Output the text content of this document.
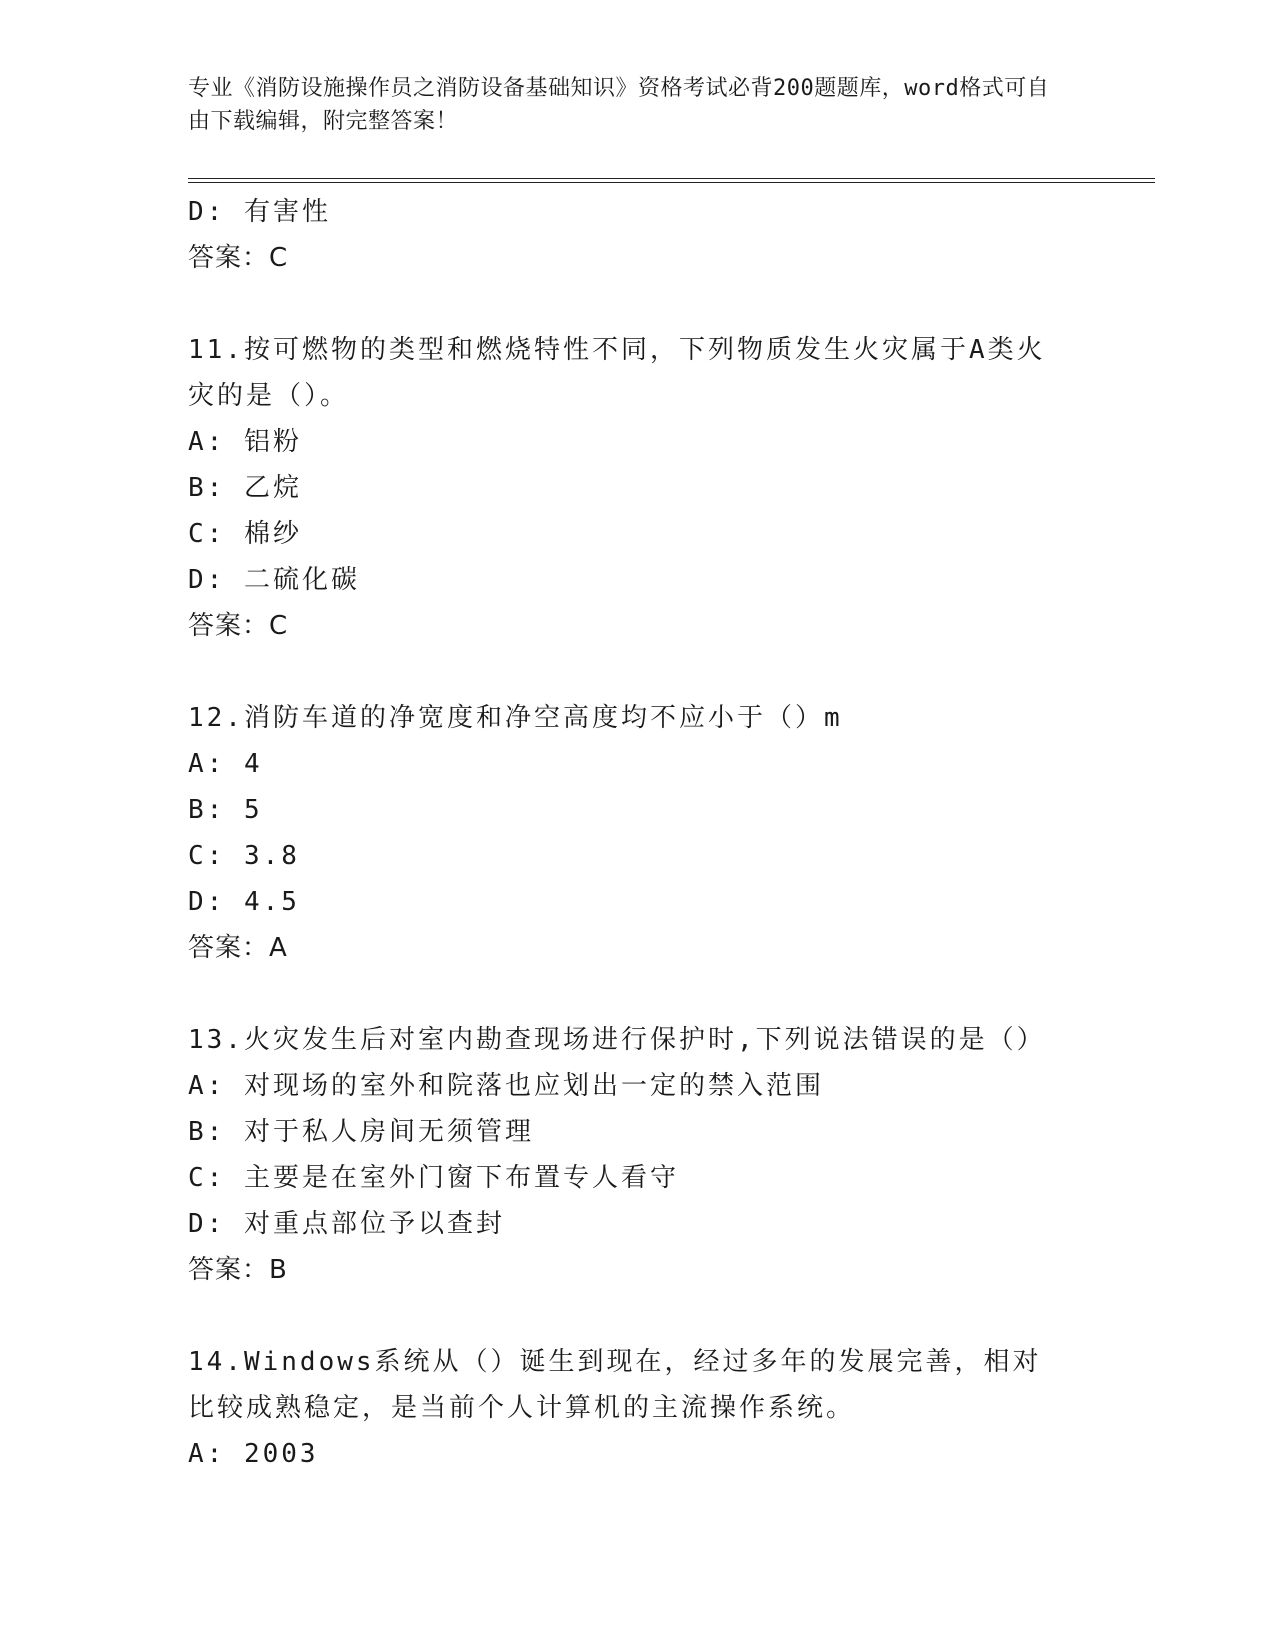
专业《消防设施操作员之消防设备基础知识》资格考试必背200题题库，word格式可自由下载编辑，附完整答案！
D: 有害性
答案：C
11.按可燃物的类型和燃烧特性不同，下列物质发生火灾属于A类火灾的是（）。
A: 铝粉
B: 乙烷
C: 棉纱
D: 二硫化碳
答案：C
12.消防车道的净宽度和净空高度均不应小于（）m
A: 4
B: 5
C: 3.8
D: 4.5
答案：A
13.火灾发生后对室内勘查现场进行保护时,下列说法错误的是（）
A: 对现场的室外和院落也应划出一定的禁入范围
B: 对于私人房间无须管理
C: 主要是在室外门窗下布置专人看守
D: 对重点部位予以查封
答案：B
14.Windows系统从（）诞生到现在，经过多年的发展完善，相对比较成熟稳定，是当前个人计算机的主流操作系统。
A: 2003
